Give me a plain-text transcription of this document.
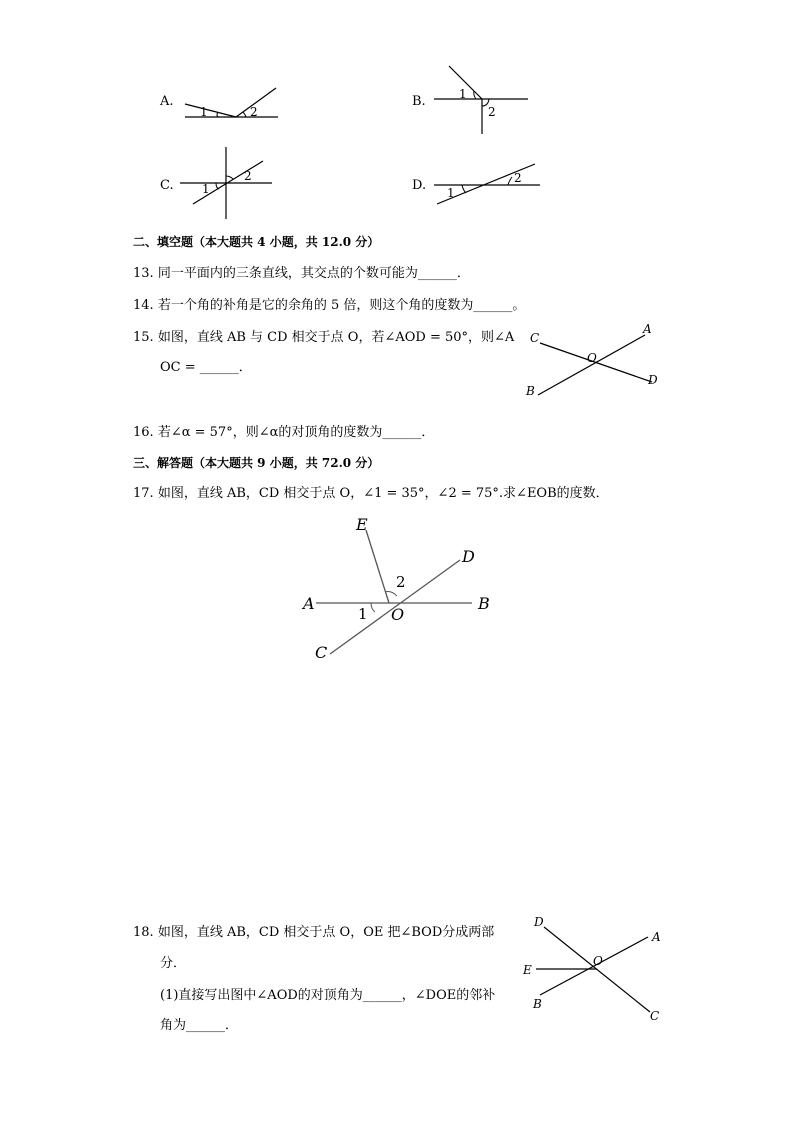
A.
1	2
B.	1
2
C. 1
2
D. 1
2
二、填空题（本大题共 4 小题，共 12.0 分）
13. 同一平面内的三条直线，其交点的个数可能为______．
14. 若一个角的补角是它的余角的 5 倍，则这个角的度数为______。
15. 如图，直线 AB 与 CD 相交于点 O，若∠AOD = 50°，则∠A
OC = ______．
C
A
O
B
D
16. 若∠α = 57°，则∠α的对顶角的度数为______．
三、解答题（本大题共 9 小题，共 72.0 分）
17. 如图，直线 AB，CD 相交于点 O，∠1 = 35°，∠2 = 75°.求∠EOB的度数．
E
D
2
A	B
1 O
C
18. 如图，直线 AB，CD 相交于点 O，OE 把∠BOD分成两部
分．
(1)直接写出图中∠AOD的对顶角为______，∠DOE的邻补
角为______．
D
A
O
E
B
C
